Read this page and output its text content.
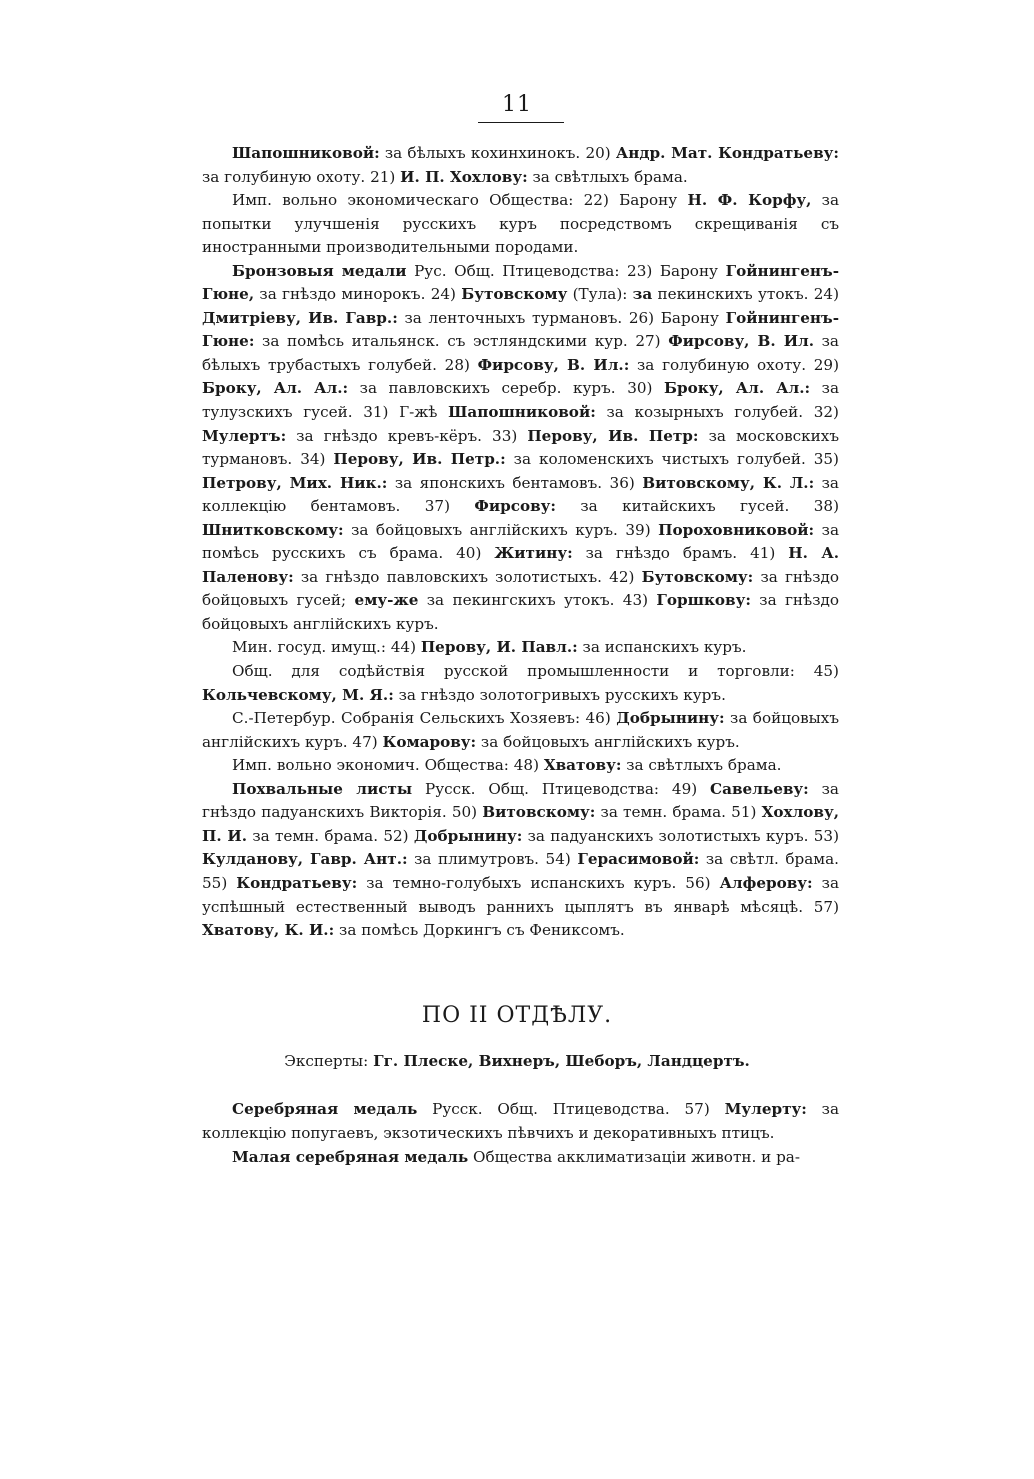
11

Шапошниковой: за бѣлыхъ кохинхинокъ. 20) Андр. Мат. Кондратьеву: за голубиную охоту. 21) И. П. Хохлову: за свѣтлыхъ брама.

Имп. вольно экономическаго Общества: 22) Барону Н. Ф. Корфу, за попытки улучшенія русскихъ куръ посредствомъ скрещиванія съ иностранными производительными породами.

Бронзовыя медали Рус. Общ. Птицеводства: 23) Барону Гойнингенъ-Гюне, за гнѣздо минорокъ. 24) Бутовскому (Тула): за пекинскихъ утокъ. 24) Дмитріеву, Ив. Гавр.: за ленточныхъ турмановъ. 26) Барону Гойнингенъ-Гюне: за помѣсь итальянск. съ эстляндскими кур. 27) Фирсову, В. Ил. за бѣлыхъ трубастыхъ голубей. 28) Фирсову, В. Ил.: за голубиную охоту. 29) Броку, Ал. Ал.: за павловскихъ серебр. куръ. 30) Броку, Ал. Ал.: за тулузскихъ гусей. 31) Г-жѣ Шапошниковой: за козырныхъ голубей. 32) Мулертъ: за гнѣздо кревъ-кёръ. 33) Перову, Ив. Петр: за московскихъ турмановъ. 34) Перову, Ив. Петр.: за коломенскихъ чистыхъ голубей. 35) Петрову, Мих. Ник.: за японскихъ бентамовъ. 36) Витовскому, К. Л.: за коллекцію бентамовъ. 37) Фирсову: за китайскихъ гусей. 38) Шнитковскому: за бойцовыхъ англійскихъ куръ. 39) Пороховниковой: за помѣсь русскихъ съ брама. 40) Житину: за гнѣздо брамъ. 41) Н. А. Паленову: за гнѣздо павловскихъ золотистыхъ. 42) Бутовскому: за гнѣздо бойцовыхъ гусей; ему-же за пекингскихъ утокъ. 43) Горшкову: за гнѣздо бойцовыхъ англійскихъ куръ.

Мин. госуд. имущ.: 44) Перову, И. Павл.: за испанскихъ куръ.

Общ. для содѣйствія русской промышленности и торговли: 45) Кольчевскому, М. Я.: за гнѣздо золотогривыхъ русскихъ куръ.

С.-Петербур. Собранія Сельскихъ Хозяевъ: 46) Добрынину: за бойцовыхъ англійскихъ куръ. 47) Комарову: за бойцовыхъ англійскихъ куръ.

Имп. вольно экономич. Общества: 48) Хватову: за свѣтлыхъ брама.

Похвальные листы Русск. Общ. Птицеводства: 49) Савельеву: за гнѣздо падуанскихъ Викторія. 50) Витовскому: за темн. брама. 51) Хохлову, П. И. за темн. брама. 52) Добрынину: за падуанскихъ золотистыхъ куръ. 53) Кулданову, Гавр. Ант.: за плимутровъ. 54) Герасимовой: за свѣтл. брама. 55) Кондратьеву: за темно-голубыхъ испанскихъ куръ. 56) Алферову: за успѣшный естественный выводъ раннихъ цыплятъ въ январѣ мѣсяцѣ. 57) Хватову, К. И.: за помѣсь Доркингъ съ Фениксомъ.

ПО II ОТДѢЛУ.
Эксперты: Гг. Плеске, Вихнеръ, Шеборъ, Ландцертъ.

Серебряная медаль Русск. Общ. Птицеводства. 57) Мулерту: за коллекцію попугаевъ, экзотическихъ пѣвчихъ и декоративныхъ птицъ.

Малая серебряная медаль Общества акклиматизаціи животн. и ра-
